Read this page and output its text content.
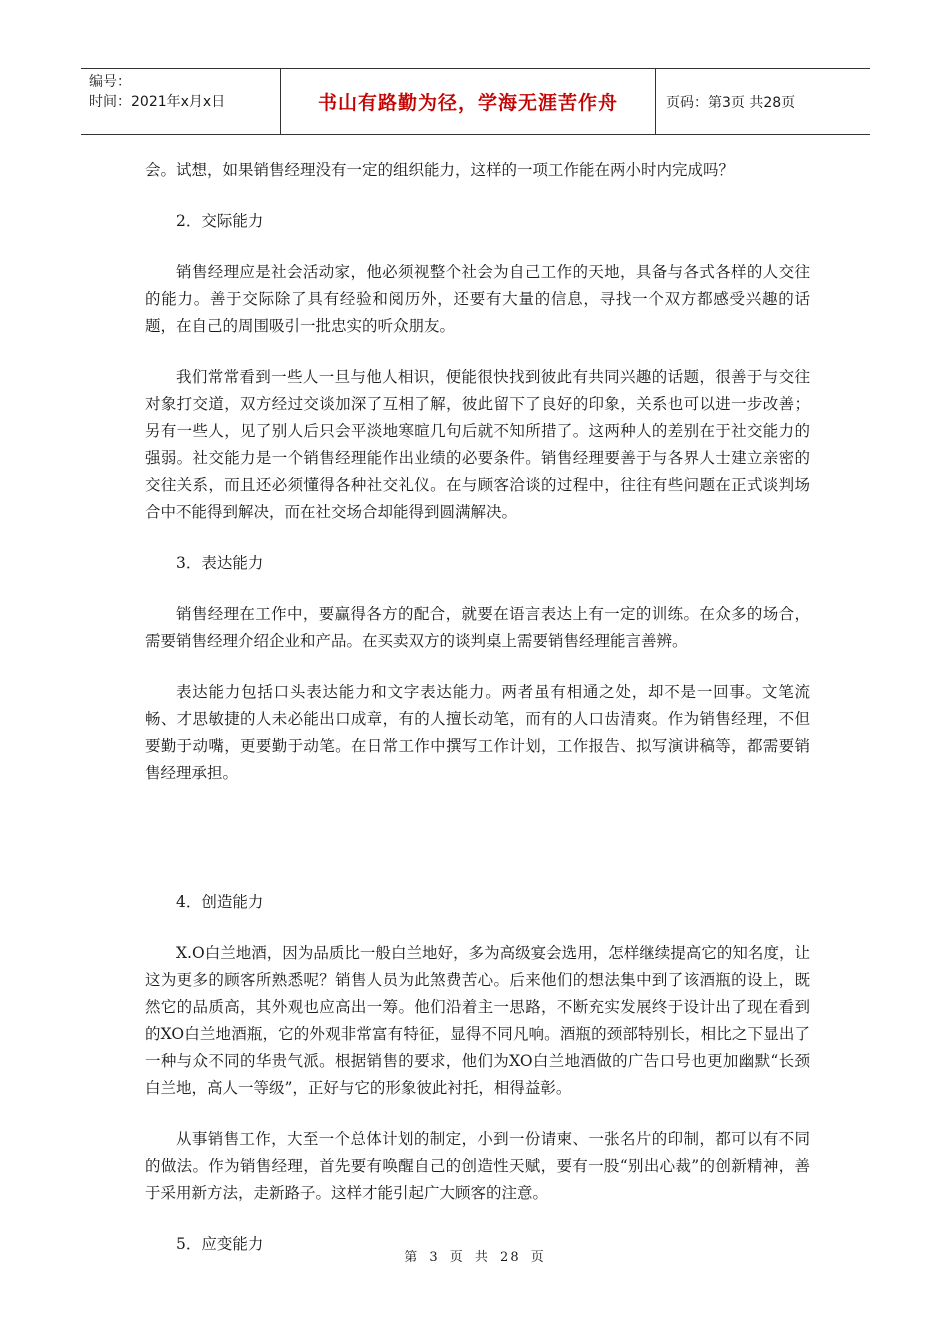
编号：
时间：2021年x月x日	书山有路勤为径，学海无涯苦作舟	页码：第3页 共28页

会。试想，如果销售经理没有一定的组织能力，这样的一项工作能在两小时内完成吗？

2．交际能力

销售经理应是社会活动家，他必须视整个社会为自己工作的天地，具备与各式各样的人交往的能力。善于交际除了具有经验和阅历外，还要有大量的信息，寻找一个双方都感受兴趣的话题，在自己的周围吸引一批忠实的听众朋友。

我们常常看到一些人一旦与他人相识，便能很快找到彼此有共同兴趣的话题，很善于与交往对象打交道，双方经过交谈加深了互相了解，彼此留下了良好的印象，关系也可以进一步改善；另有一些人，见了别人后只会平淡地寒暄几句后就不知所措了。这两种人的差别在于社交能力的强弱。社交能力是一个销售经理能作出业绩的必要条件。销售经理要善于与各界人士建立亲密的交往关系，而且还必须懂得各种社交礼仪。在与顾客洽谈的过程中，往往有些问题在正式谈判场合中不能得到解决，而在社交场合却能得到圆满解决。

3．表达能力

销售经理在工作中，要赢得各方的配合，就要在语言表达上有一定的训练。在众多的场合，需要销售经理介绍企业和产品。在买卖双方的谈判桌上需要销售经理能言善辨。

表达能力包括口头表达能力和文字表达能力。两者虽有相通之处，却不是一回事。文笔流畅、才思敏捷的人未必能出口成章，有的人擅长动笔，而有的人口齿清爽。作为销售经理，不但要勤于动嘴，更要勤于动笔。在日常工作中撰写工作计划，工作报告、拟写演讲稿等，都需要销售经理承担。

4．创造能力

X.O白兰地酒，因为品质比一般白兰地好，多为高级宴会选用，怎样继续提高它的知名度，让这为更多的顾客所熟悉呢？销售人员为此煞费苦心。后来他们的想法集中到了该酒瓶的设上，既然它的品质高，其外观也应高出一筹。他们沿着主一思路，不断充实发展终于设计出了现在看到的XO白兰地酒瓶，它的外观非常富有特征，显得不同凡响。酒瓶的颈部特别长，相比之下显出了一种与众不同的华贵气派。根据销售的要求，他们为XO白兰地酒做的广告口号也更加幽默“长颈白兰地，高人一等级”，正好与它的形象彼此衬托，相得益彰。

从事销售工作，大至一个总体计划的制定，小到一份请柬、一张名片的印制，都可以有不同的做法。作为销售经理，首先要有唤醒自己的创造性天赋，要有一股“别出心裁”的创新精神，善于采用新方法，走新路子。这样才能引起广大顾客的注意。

5．应变能力

第 3 页 共 28 页
